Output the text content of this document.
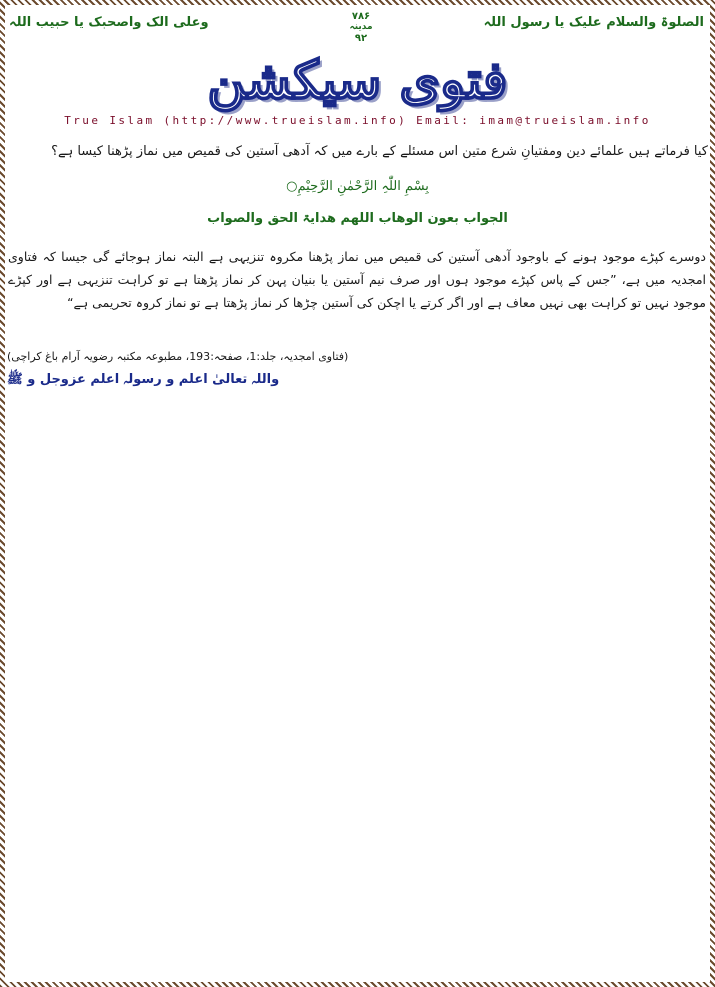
الصلوۃ والسلام علیک یا رسول اللہ
۷۸۶
مدینہ
۹۲
وعلی الک واصحبک یا حبیب اللہ
فتوی سیکشن
True Islam (http://www.trueislam.info) Email: imam@trueislam.info
کیا فرماتے ہیں علمائے دین ومفتیانِ شرع متین اس مسئلے کے بارے میں کہ آدھی آستین کی قمیص میں نماز پڑھنا کیسا ہے؟
بِسْمِ اللّٰہِ الرَّحْمٰنِ الرَّحِیْمِ○
الجواب بعون الوھاب اللھم ھدایۃ الحق والصواب
دوسرے کپڑے موجود ہونے کے باوجود آدھی آستین کی قمیص میں نماز پڑھنا مکروہ تنزیہی ہے البتہ نماز ہوجائے گی جیسا کہ فتاوی امجدیہ میں ہے، ”جس کے پاس کپڑے موجود ہوں اور صرف نیم آستین یا بنیان پہن کر نماز پڑھتا ہے تو کراہت تنزیہی ہے اور کپڑے موجود نہیں تو کراہت بھی نہیں معاف ہے اور اگر کرتے یا اچکن کی آستین چڑھا کر نماز پڑھتا ہے تو نماز کروہ تحریمی ہے“
(فتاوی امجدیہ، جلد:1، صفحہ:193، مطبوعہ مکتبہ رضویہ آرام باغ کراچی)
واللہ تعالیٰ اعلم و رسولہ اعلم عزوجل و ﷺ
